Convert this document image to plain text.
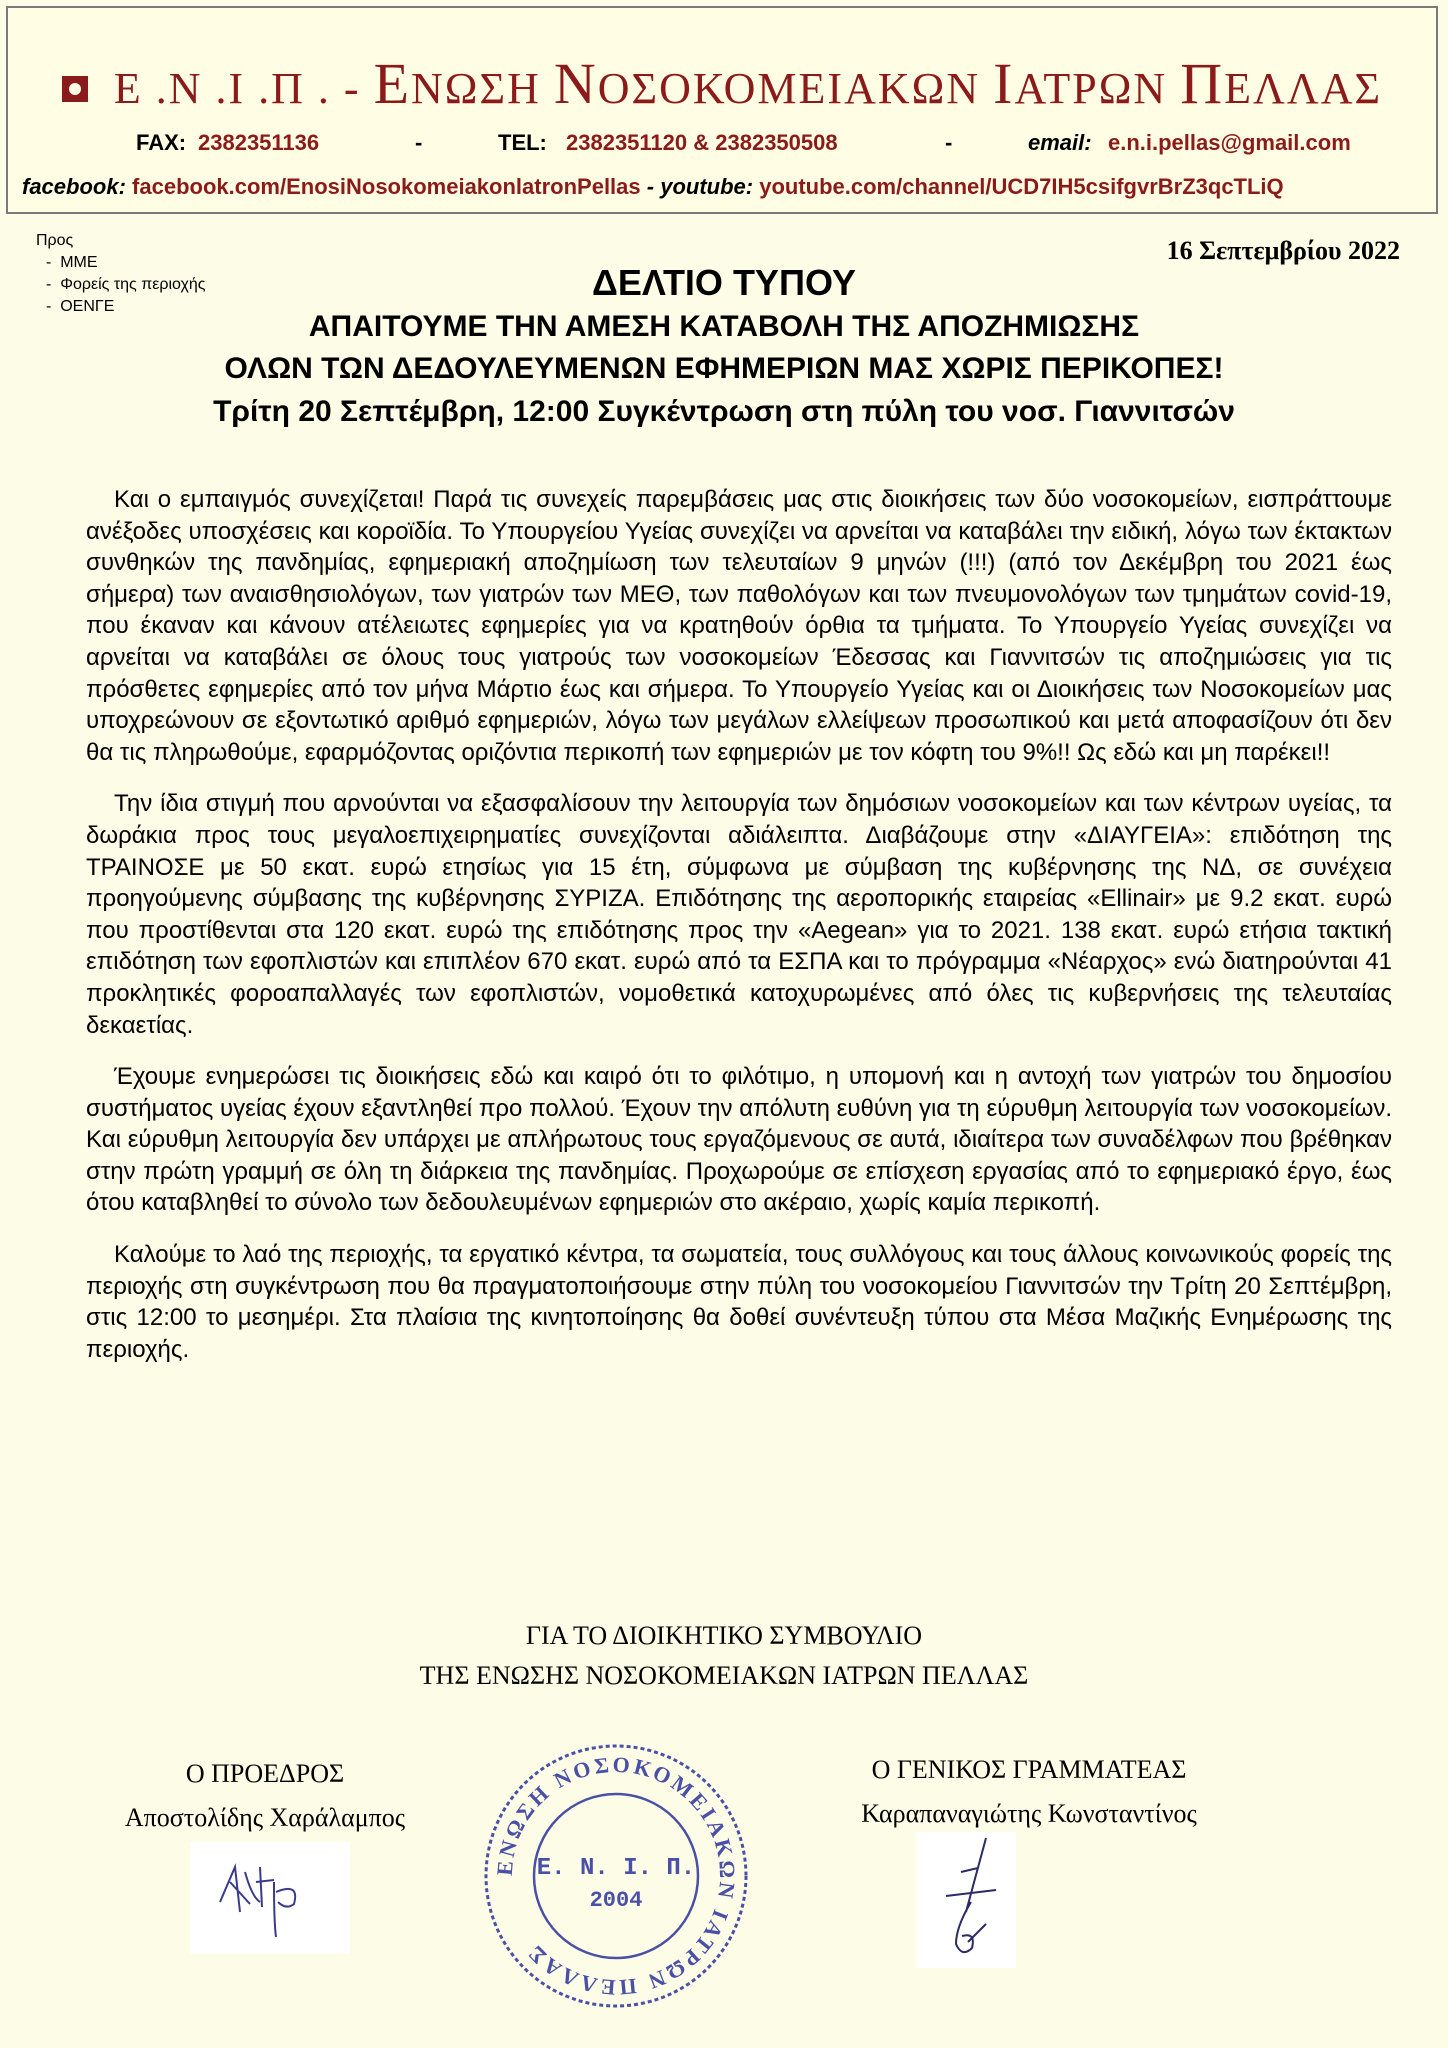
Ε .Ν .Ι .Π . - ΕΝΩΣΗ ΝΟΣΟΚΟΜΕΙΑΚΩΝ ΙΑΤΡΩΝ ΠΕΛΛΑΣ
FAX: 2382351136	-	TEL: 2382351120 & 2382350508	-	email: e.n.i.pellas@gmail.com
facebook: facebook.com/EnosiNosokomeiakonlatronPellas - youtube: youtube.com/channel/UCD7IH5csifgvrBrZ3qcTLiQ
Προς
- ΜΜΕ
- Φορείς της περιοχής
- ΟΕΝΓΕ
16 Σεπτεμβρίου 2022
ΔΕΛΤΙΟ ΤΥΠΟΥ
ΑΠΑΙΤΟΥΜΕ ΤΗΝ ΑΜΕΣΗ ΚΑΤΑΒΟΛΗ ΤΗΣ ΑΠΟΖΗΜΙΩΣΗΣ
ΟΛΩΝ ΤΩΝ ΔΕΔΟΥΛΕΥΜΕΝΩΝ ΕΦΗΜΕΡΙΩΝ ΜΑΣ ΧΩΡΙΣ ΠΕΡΙΚΟΠΕΣ!
Τρίτη 20 Σεπτέμβρη, 12:00 Συγκέντρωση στη πύλη του νοσ. Γιαννιτσών

Και ο εμπαιγμός συνεχίζεται! Παρά τις συνεχείς παρεμβάσεις μας στις διοικήσεις των δύο νοσοκομείων, εισπράττουμε ανέξοδες υποσχέσεις και κοροϊδία. Το Υπουργείου Υγείας συνεχίζει να αρνείται να καταβάλει την ειδική, λόγω των έκτακτων συνθηκών της πανδημίας, εφημεριακή αποζημίωση των τελευταίων 9 μηνών (!!!) (από τον Δεκέμβρη του 2021 έως σήμερα) των αναισθησιολόγων, των γιατρών των ΜΕΘ, των παθολόγων και των πνευμονολόγων των τμημάτων covid-19, που έκαναν και κάνουν ατέλειωτες εφημερίες για να κρατηθούν όρθια τα τμήματα. Το Υπουργείο Υγείας συνεχίζει να αρνείται να καταβάλει σε όλους τους γιατρούς των νοσοκομείων Έδεσσας και Γιαννιτσών τις αποζημιώσεις για τις πρόσθετες εφημερίες από τον μήνα Μάρτιο έως και σήμερα. Το Υπουργείο Υγείας και οι Διοικήσεις των Νοσοκομείων μας υποχρεώνουν σε εξοντωτικό αριθμό εφημεριών, λόγω των μεγάλων ελλείψεων προσωπικού και μετά αποφασίζουν ότι δεν θα τις πληρωθούμε, εφαρμόζοντας οριζόντια περικοπή των εφημεριών με τον κόφτη του 9%!! Ως εδώ και μη παρέκει!!

Την ίδια στιγμή που αρνούνται να εξασφαλίσουν την λειτουργία των δημόσιων νοσοκομείων και των κέντρων υγείας, τα δωράκια προς τους μεγαλοεπιχειρηματίες συνεχίζονται αδιάλειπτα. Διαβάζουμε στην «ΔΙΑΥΓΕΙΑ»: επιδότηση της ΤΡΑΙΝΟΣΕ με 50 εκατ. ευρώ ετησίως για 15 έτη, σύμφωνα με σύμβαση της κυβέρνησης της ΝΔ, σε συνέχεια προηγούμενης σύμβασης της κυβέρνησης ΣΥΡΙΖΑ. Επιδότησης της αεροπορικής εταιρείας «Ellinair» με 9.2 εκατ. ευρώ που προστίθενται στα 120 εκατ. ευρώ της επιδότησης προς την «Aegean» για το 2021. 138 εκατ. ευρώ ετήσια τακτική επιδότηση των εφοπλιστών και επιπλέον 670 εκατ. ευρώ από τα ΕΣΠΑ και το πρόγραμμα «Νέαρχος» ενώ διατηρούνται 41 προκλητικές φοροαπαλλαγές των εφοπλιστών, νομοθετικά κατοχυρωμένες από όλες τις κυβερνήσεις της τελευταίας δεκαετίας.

Έχουμε ενημερώσει τις διοικήσεις εδώ και καιρό ότι το φιλότιμο, η υπομονή και η αντοχή των γιατρών του δημοσίου συστήματος υγείας έχουν εξαντληθεί προ πολλού. Έχουν την απόλυτη ευθύνη για τη εύρυθμη λειτουργία των νοσοκομείων. Και εύρυθμη λειτουργία δεν υπάρχει με απλήρωτους τους εργαζόμενους σε αυτά, ιδιαίτερα των συναδέλφων που βρέθηκαν στην πρώτη γραμμή σε όλη τη διάρκεια της πανδημίας. Προχωρούμε σε επίσχεση εργασίας από το εφημεριακό έργο, έως ότου καταβληθεί το σύνολο των δεδουλευμένων εφημεριών στο ακέραιο, χωρίς καμία περικοπή.

Καλούμε το λαό της περιοχής, τα εργατικό κέντρα, τα σωματεία, τους συλλόγους και τους άλλους κοινωνικούς φορείς της περιοχής στη συγκέντρωση που θα πραγματοποιήσουμε στην πύλη του νοσοκομείου Γιαννιτσών την Τρίτη 20 Σεπτέμβρη, στις 12:00 το μεσημέρι. Στα πλαίσια της κινητοποίησης θα δοθεί συνέντευξη τύπου στα Μέσα Μαζικής Ενημέρωσης της περιοχής.

ΓΙΑ ΤΟ ΔΙΟΙΚΗΤΙΚΟ ΣΥΜΒΟΥΛΙΟ
ΤΗΣ ΕΝΩΣΗΣ ΝΟΣΟΚΟΜΕΙΑΚΩΝ ΙΑΤΡΩΝ ΠΕΛΛΑΣ
Ο ΠΡΟΕΔΡΟΣ
Αποστολίδης Χαράλαμπος
Ο ΓΕΝΙΚΟΣ ΓΡΑΜΜΑΤΕΑΣ
Καραπαναγιώτης Κωνσταντίνος
ΕΝΩΣΗ ΝΟΣΟΚΟΜΕΙΑΚΩΝ ΙΑΤΡΩΝ ΠΕΛΛΑΣ
Ε. Ν. Ι. Π.
2004
